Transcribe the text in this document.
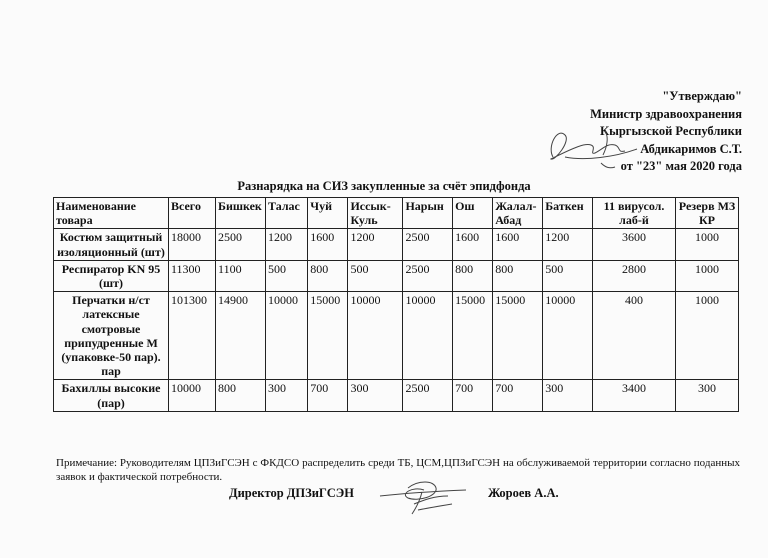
"Утверждаю"
Министр здравоохранения
Кыргызской Республики
Абдикаримов С.Т.
от "23" мая 2020 года
Разнарядка на СИЗ закупленные за счёт эпидфонда
Наименование товара	Всего	Бишкек	Талас	Чуй	Иссык-Куль	Нарын	Ош	Жалал-Абад	Баткен	11 вирусол. лаб-й	Резерв МЗ КР
Костюм защитный изоляционный (шт)	18000	2500	1200	1600	1200	2500	1600	1600	1200	3600	1000
Респиратор KN 95 (шт)	11300	1100	500	800	500	2500	800	800	500	2800	1000
Перчатки н/ст латексные смотровые припудренные М (упаковке-50 пар). пар	101300	14900	10000	15000	10000	10000	15000	15000	10000	400	1000
Бахиллы высокие (пар)	10000	800	300	700	300	2500	700	700	300	3400	300
Примечание: Руководителям ЦПЗиГСЭН с ФКДСО распределить среди ТБ, ЦСМ,ЦПЗиГСЭН на обслуживаемой территории согласно поданных заявок и фактической потребности.
Директор ДПЗиГСЭН	Жороев А.А.
